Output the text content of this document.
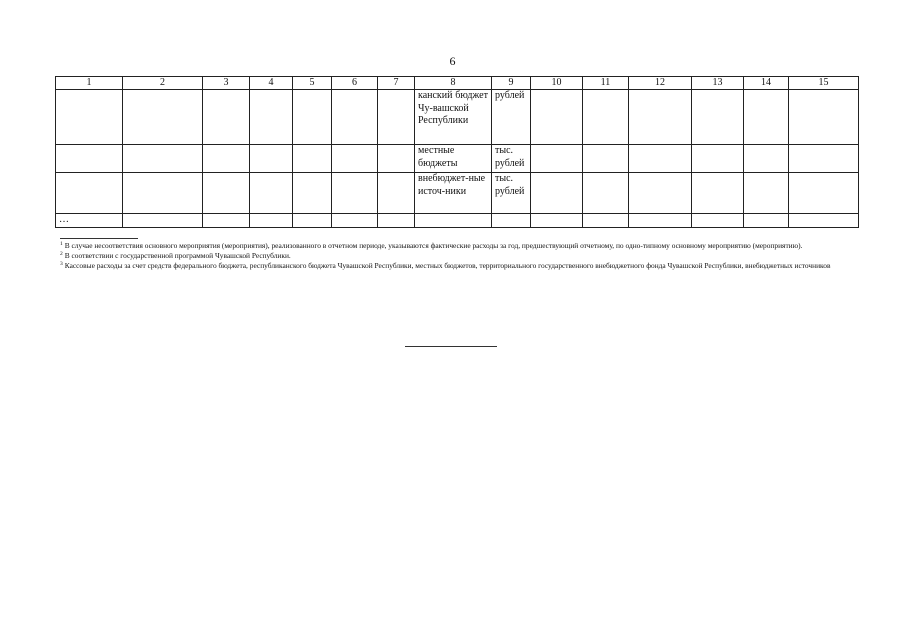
6
1	2	3	4	5	6	7	8	9	10	11	12	13	14	15
							канский бюджет Чу-вашской Республики	рублей						
							местные бюджеты	тыс. рублей						
							внебюджет-ные источ-ники	тыс. рублей						
…														
$^1$ В случае несоответствия основного мероприятия (мероприятия), реализованного в отчетном периоде, указываются фактические расходы за год, предшествующий отчетному, по одно-типному основному мероприятию (мероприятию).
$^2$ В соответствии с государственной программой Чувашской Республики.
$^3$ Кассовые расходы за счет средств федерального бюджета, республиканского бюджета Чувашской Республики, местных бюджетов, территориального государственного внебюджетного фонда Чувашской Республики, внебюджетных источников
